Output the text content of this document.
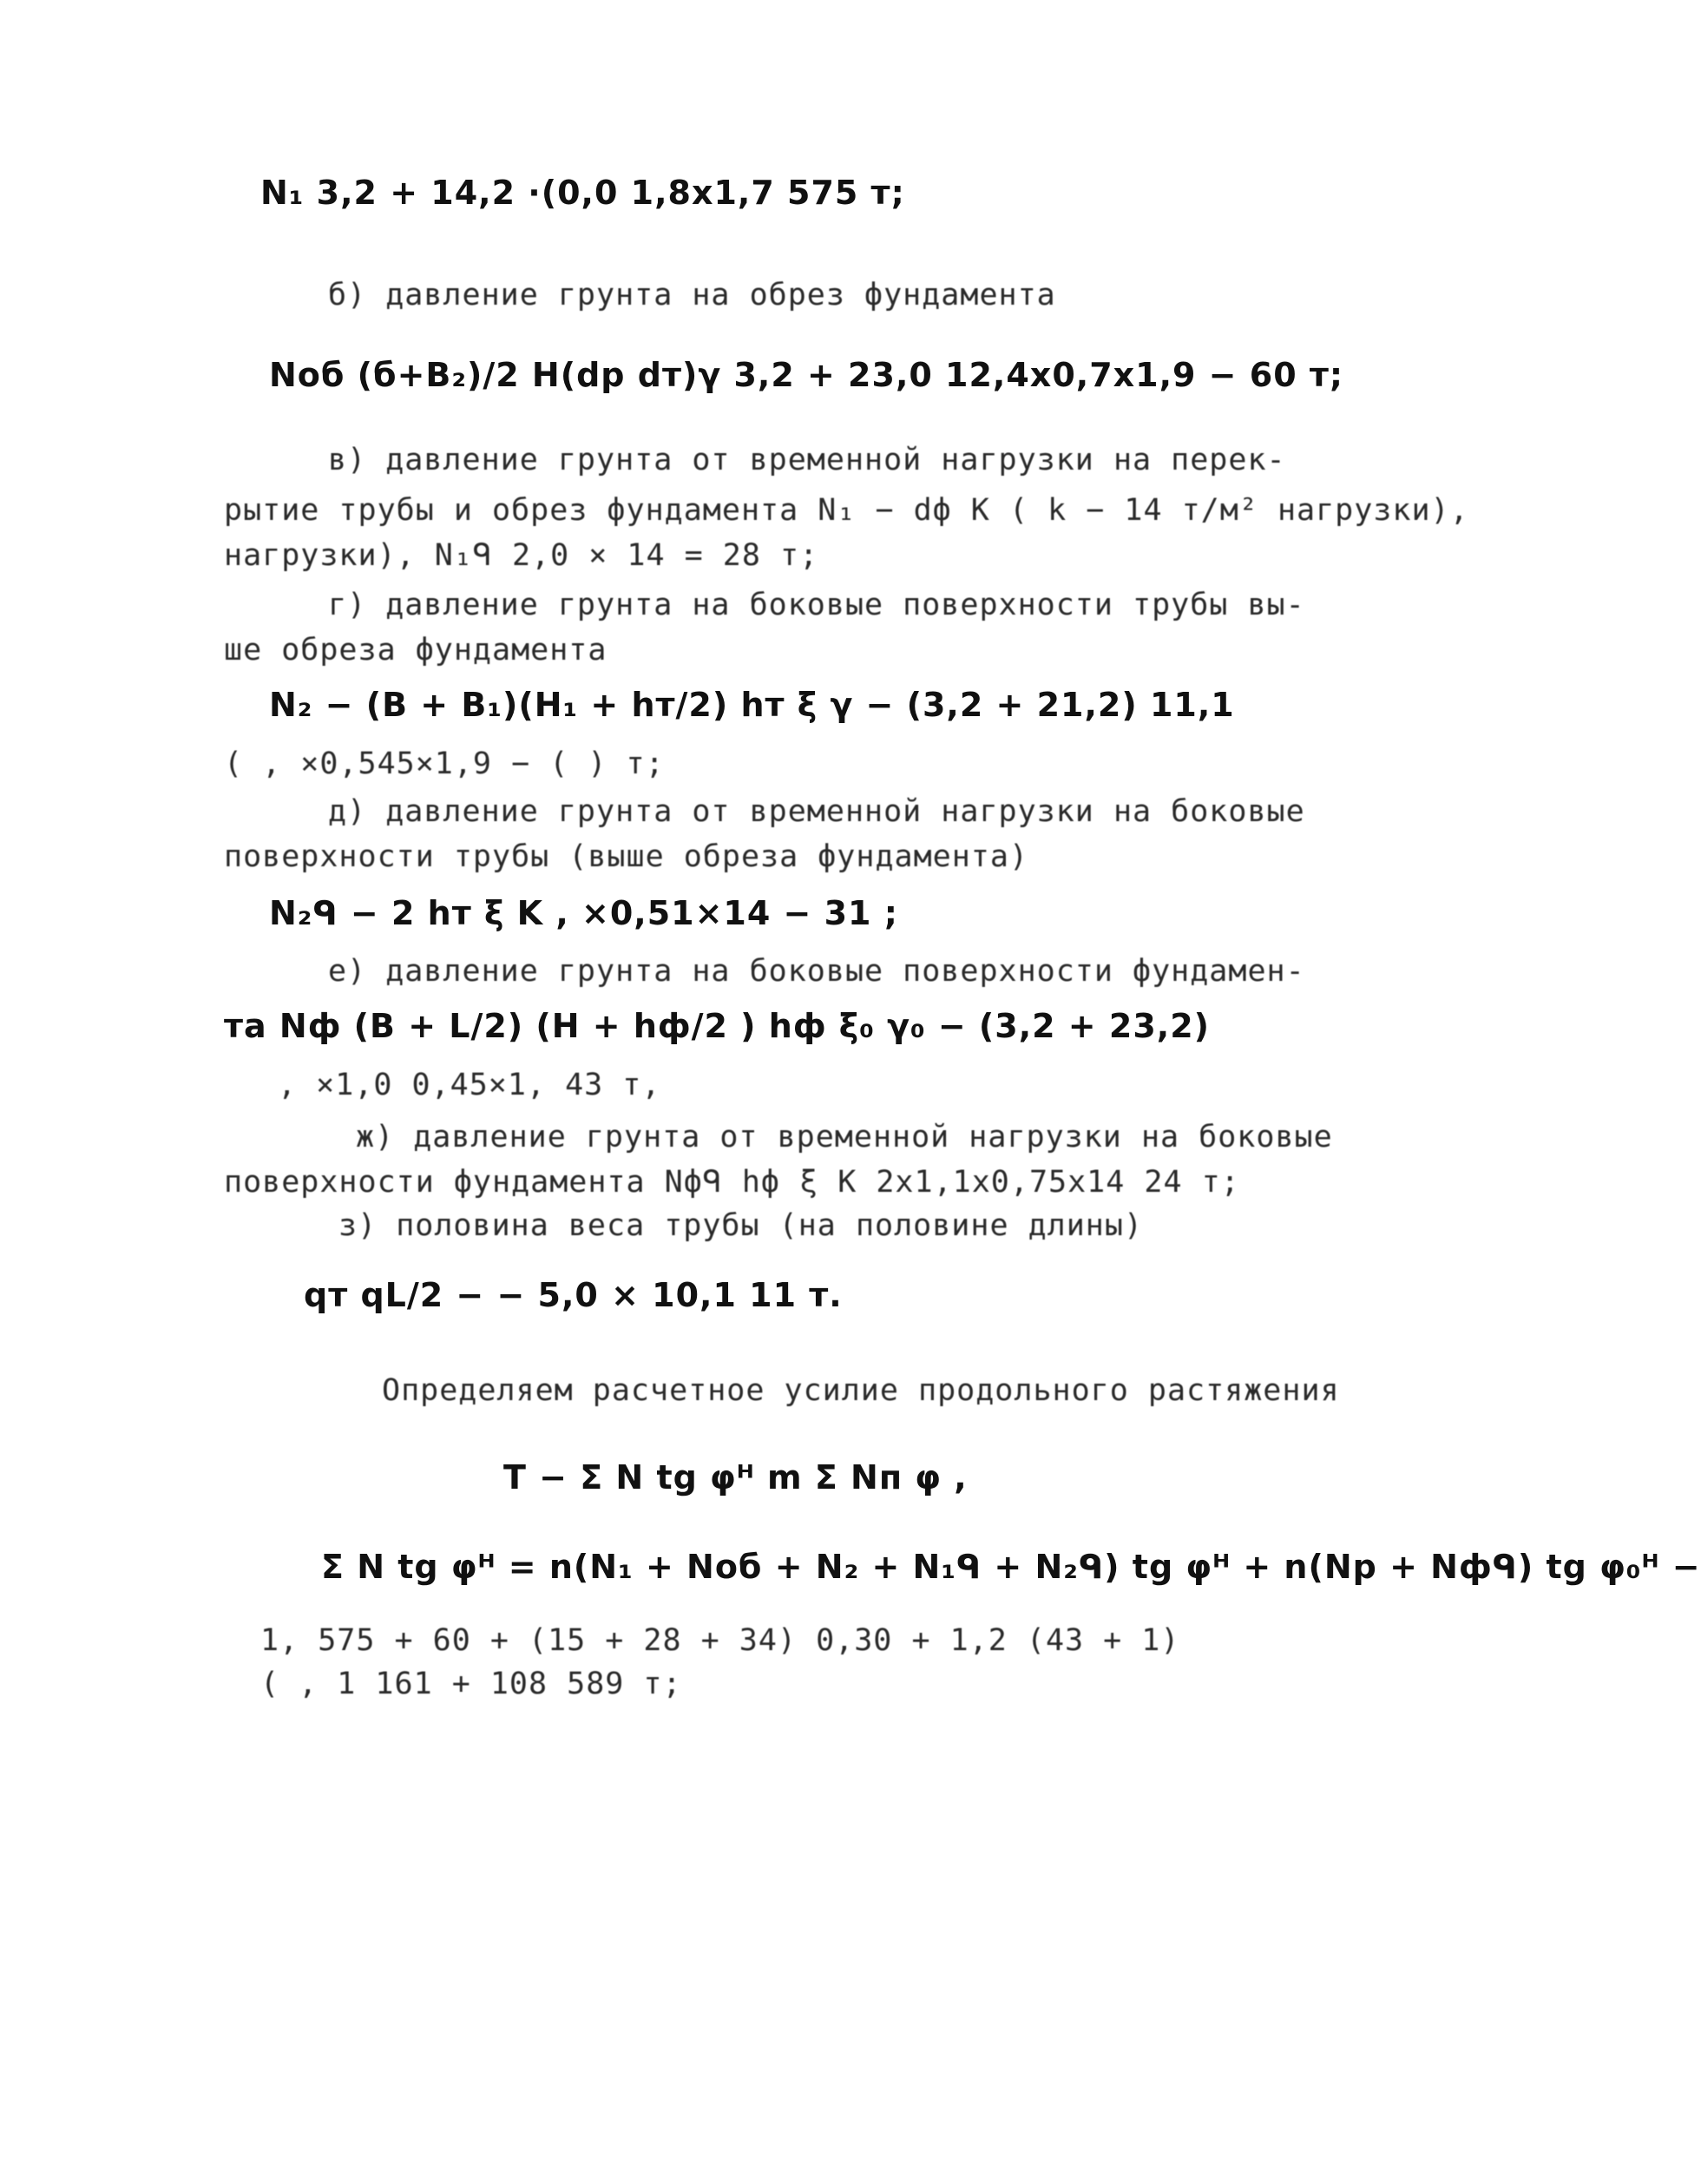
N₁ 3,2 + 14,2 ·(0,0 1,8x1,7 575 т;
б) давление грунта на обрез фундамента
Nоб (б+B₂)/2 H(dр dт)γ 3,2 + 23,0 12,4x0,7x1,9 − 60 т;
в) давление грунта от временной нагрузки на перек-
рытие трубы и обрез фундамента N₁ − dф K ( k − 14 т/м² нагрузки),
нагрузки), N₁ᑫ 2,0 × 14 = 28 т;
г) давление грунта на боковые поверхности трубы вы-
ше обреза фундамента
N₂ − (B + B₁)(H₁ + hт/2) hт ξ γ − (3,2 + 21,2) 11,1
( , ×0,545×1,9 − ( ) т;
д) давление грунта от временной нагрузки на боковые
поверхности трубы (выше обреза фундамента)
N₂ᑫ − 2 hт ξ K , ×0,51×14 − 31 ;
е) давление грунта на боковые поверхности фундамен-
та Nф (B + L/2) (H + hф/2 ) hф ξ₀ γ₀ − (3,2 + 23,2)
, ×1,0 0,45×1, 43 т,
ж) давление грунта от временной нагрузки на боковые
поверхности фундамента Nфᑫ hф ξ K 2x1,1x0,75x14 24 т;
з) половина веса трубы (на половине длины)
qт qL/2 − − 5,0 × 10,1 11 т.
Определяем расчетное усилие продольного растяжения
T − Σ N tg φᴴ m Σ Nп φ ,
Σ N tg φᴴ = n(N₁ + Nоб + N₂ + N₁ᑫ + N₂ᑫ) tg φᴴ + n(Nр + Nфᑫ) tg φ₀ᴴ −
1, 575 + 60 + (15 + 28 + 34) 0,30 + 1,2 (43 + 1)
( , 1 161 + 108 589 т;
